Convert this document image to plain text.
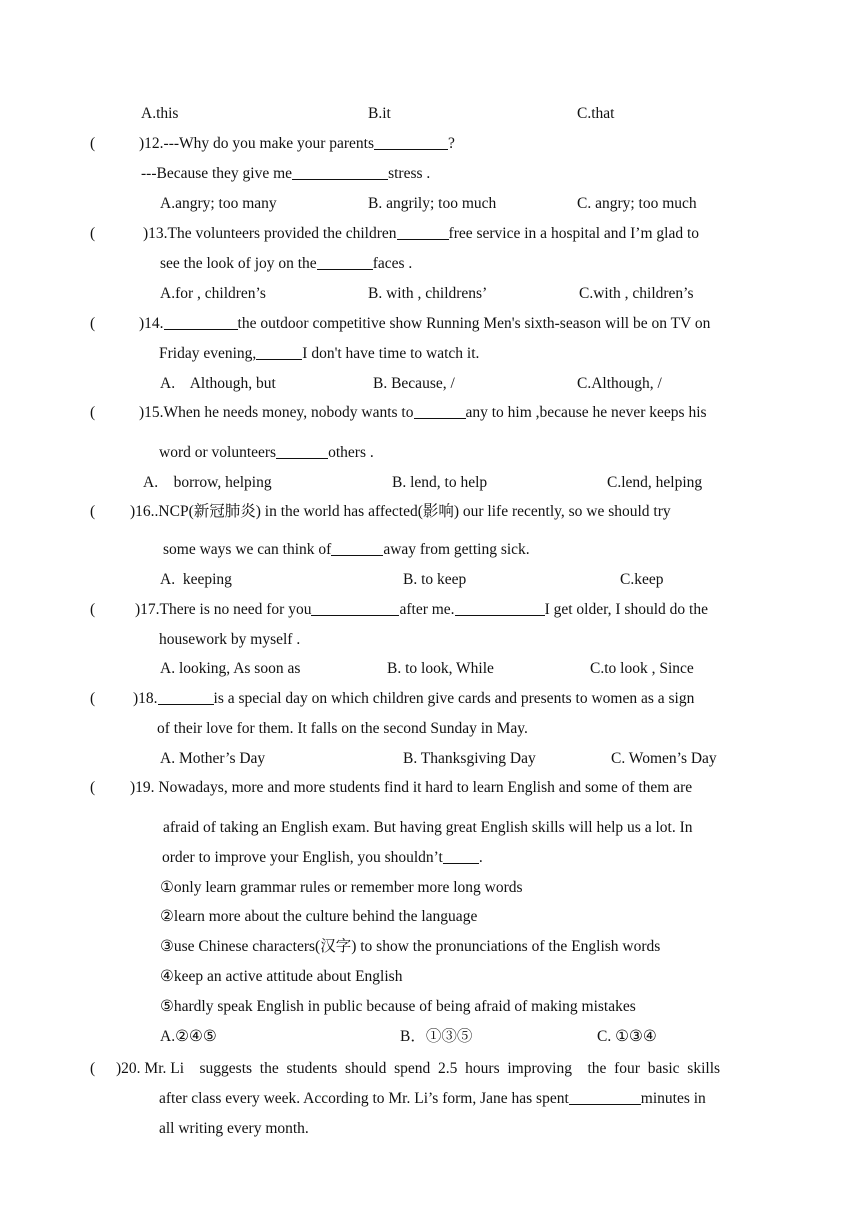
A.this	B.it	C.that
(	)12.---Why do you make your parents	?
---Because they give me	stress .
A.angry; too many	B. angrily; too much	C. angry; too much
(	)13.The volunteers provided the children	free service in a hospital and I’m glad to
see the look of joy on the	faces .
A.for , children’s	B. with , childrens’	C.with , children’s
(	)14.	the outdoor competitive show Running Men's sixth-season will be on TV on
Friday evening,	I don't have time to watch it.
A.    Although, but	B. Because, /	C.Although, /
(	)15.When he needs money, nobody wants to	any to him ,because he never keeps his
word or volunteers	others .
A.    borrow, helping	B. lend, to help	C.lend, helping
( )16..NCP(新冠肺炎) in the world has affected(影响) our life recently, so we should try
some ways we can think of	away from getting sick.
A.  keeping	B. to keep	C.keep
(	)17.There is no need for you	after me.	I get older, I should do the
housework by myself .
A. looking, As soon as	B. to look, While	C.to look , Since
( )18.	is a special day on which children give cards and presents to women as a sign
of their love for them. It falls on the second Sunday in May.
A. Mother’s Day	B. Thanksgiving Day	C. Women’s Day
( )19. Nowadays, more and more students find it hard to learn English and some of them are
afraid of taking an English exam. But having great English skills will help us a lot. In
order to improve your English, you shouldn’t .
①only learn grammar rules or remember more long words
②learn more about the culture behind the language
③use Chinese characters(汉字) to show the pronunciations of the English words
④keep an active attitude about English
⑤hardly speak English in public because of being afraid of making mistakes
A.②④⑤	B．①③⑤	C. ①③④
( )20. Mr. Li    suggests  the  students  should  spend  2.5  hours  improving    the  four  basic  skills
after class every week. According to Mr. Li’s form, Jane has spent	minutes in
all writing every month.
